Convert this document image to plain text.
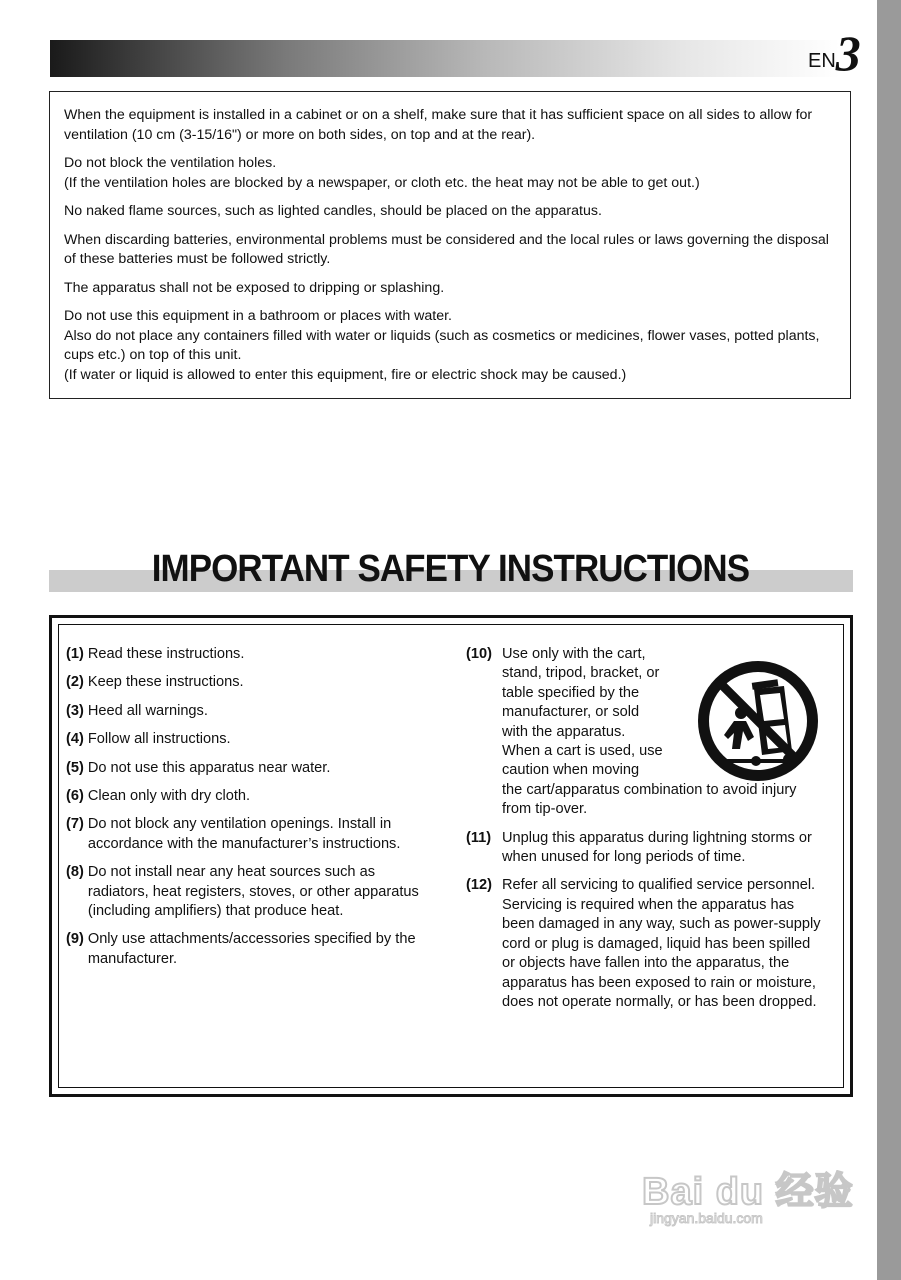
EN3

When the equipment is installed in a cabinet or on a shelf, make sure that it has sufficient space on all sides to allow for ventilation (10 cm (3-15/16") or more on both sides, on top and at the rear).

Do not block the ventilation holes.
(If the ventilation holes are blocked by a newspaper, or cloth etc. the heat may not be able to get out.)

No naked flame sources, such as lighted candles, should be placed on the apparatus.

When discarding batteries, environmental problems must be considered and the local rules or laws governing the disposal of these batteries must be followed strictly.

The apparatus shall not be exposed to dripping or splashing.

Do not use this equipment in a bathroom or places with water.
Also do not place any containers filled with water or liquids (such as cosmetics or medicines, flower vases, potted plants, cups etc.) on top of this unit.
(If water or liquid is allowed to enter this equipment, fire or electric shock may be caused.)

IMPORTANT SAFETY INSTRUCTIONS
(1) Read these instructions.
(2) Keep these instructions.
(3) Heed all warnings.
(4) Follow all instructions.
(5) Do not use this apparatus near water.
(6) Clean only with dry cloth.
(7) Do not block any ventilation openings. Install in accordance with the manufacturer’s instructions.
(8) Do not install near any heat sources such as radiators, heat registers, stoves, or other apparatus (including amplifiers) that produce heat.
(9) Only use attachments/accessories specified by the manufacturer.
(10) Use only with the cart, stand, tripod, bracket, or table specified by the manufacturer, or sold with the apparatus. When a cart is used, use caution when moving
the cart/apparatus combination to avoid injury from tip-over.
(11) Unplug this apparatus during lightning storms or when unused for long periods of time.
(12) Refer all servicing to qualified service personnel. Servicing is required when the apparatus has been damaged in any way, such as power-supply cord or plug is damaged, liquid has been spilled or objects have fallen into the apparatus, the apparatus has been exposed to rain or moisture, does not operate normally, or has been dropped.
Bai du 经验
jingyan.baidu.com
